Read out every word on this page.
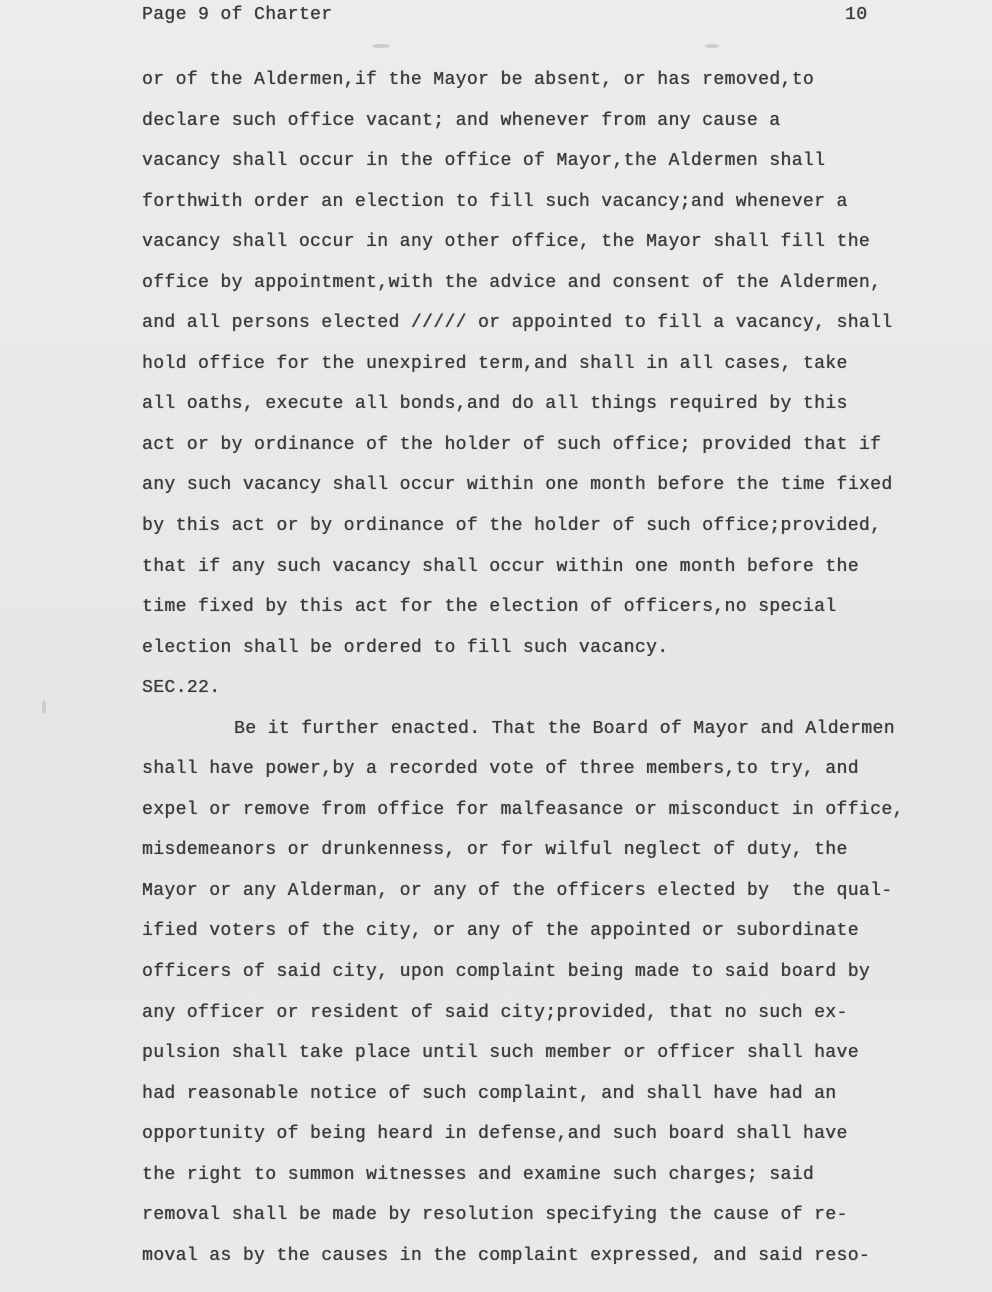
Page 9 of Charter	10
or of the Aldermen,if the Mayor be absent, or has removed,to
declare such office vacant; and whenever from any cause a
vacancy shall occur in the office of Mayor,the Aldermen shall
forthwith order an election to fill such vacancy;and whenever a
vacancy shall occur in any other office, the Mayor shall fill the
office by appointment,with the advice and consent of the Aldermen,
and all persons elected ///// or appointed to fill a vacancy, shall
hold office for the unexpired term,and shall in all cases, take
all oaths, execute all bonds,and do all things required by this
act or by ordinance of the holder of such office; provided that if
any such vacancy shall occur within one month before the time fixed
by this act or by ordinance of the holder of such office;provided,
that if any such vacancy shall occur within one month before the
time fixed by this act for the election of officers,no special
election shall be ordered to fill such vacancy.
SEC.22.
Be it further enacted. That the Board of Mayor and Aldermen
shall have power,by a recorded vote of three members,to try, and
expel or remove from office for malfeasance or misconduct in office,
misdemeanors or drunkenness, or for wilful neglect of duty, the
Mayor or any Alderman, or any of the officers elected by  the qual-
ified voters of the city, or any of the appointed or subordinate
officers of said city, upon complaint being made to said board by
any officer or resident of said city;provided, that no such ex-
pulsion shall take place until such member or officer shall have
had reasonable notice of such complaint, and shall have had an
opportunity of being heard in defense,and such board shall have
the right to summon witnesses and examine such charges; said
removal shall be made by resolution specifying the cause of re-
moval as by the causes in the complaint expressed, and said reso-
